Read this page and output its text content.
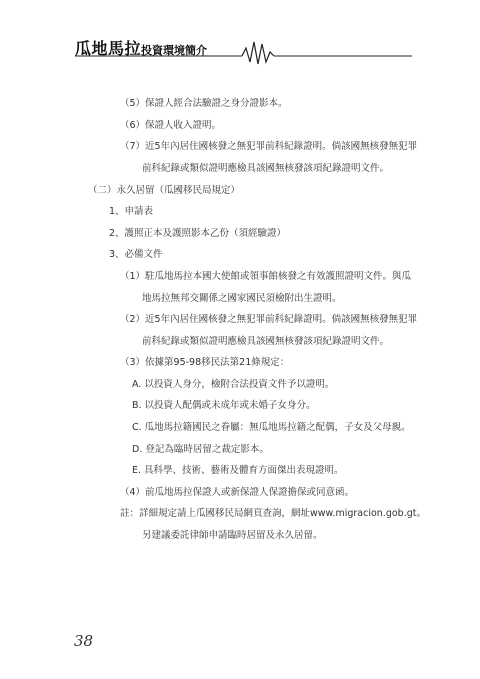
瓜地馬拉投資環境簡介
（5）保證人經合法驗證之身分證影本。
（6）保證人收入證明。
（7）近5年內居住國核發之無犯罪前科紀錄證明。倘該國無核發無犯罪
前科紀錄或類似證明應檢具該國無核發該項紀錄證明文件。
（二）永久居留（瓜國移民局規定）
1、申請表
2、護照正本及護照影本乙份（須經驗證）
3、必備文件
（1）駐瓜地馬拉本國大使館或領事館核發之有效護照證明文件。與瓜
地馬拉無邦交關係之國家國民須檢附出生證明。
（2）近5年內居住國核發之無犯罪前科紀錄證明。倘該國無核發無犯罪
前科紀錄或類似證明應檢具該國無核發該項紀錄證明文件。
（3）依據第95-98移民法第21條規定：
A. 以投資人身分，檢附合法投資文件予以證明。
B. 以投資人配偶或未成年或未婚子女身分。
C. 瓜地馬拉籍國民之眷屬：無瓜地馬拉籍之配偶，子女及父母親。
D. 登記為臨時居留之裁定影本。
E. 具科學、技術、藝術及體育方面傑出表現證明。
（4）前瓜地馬拉保證人或新保證人保證擔保或同意函。
註：詳細規定請上瓜國移民局網頁查詢，網址www.migracion.gob.gt。
另建議委託律師申請臨時居留及永久居留。
38
